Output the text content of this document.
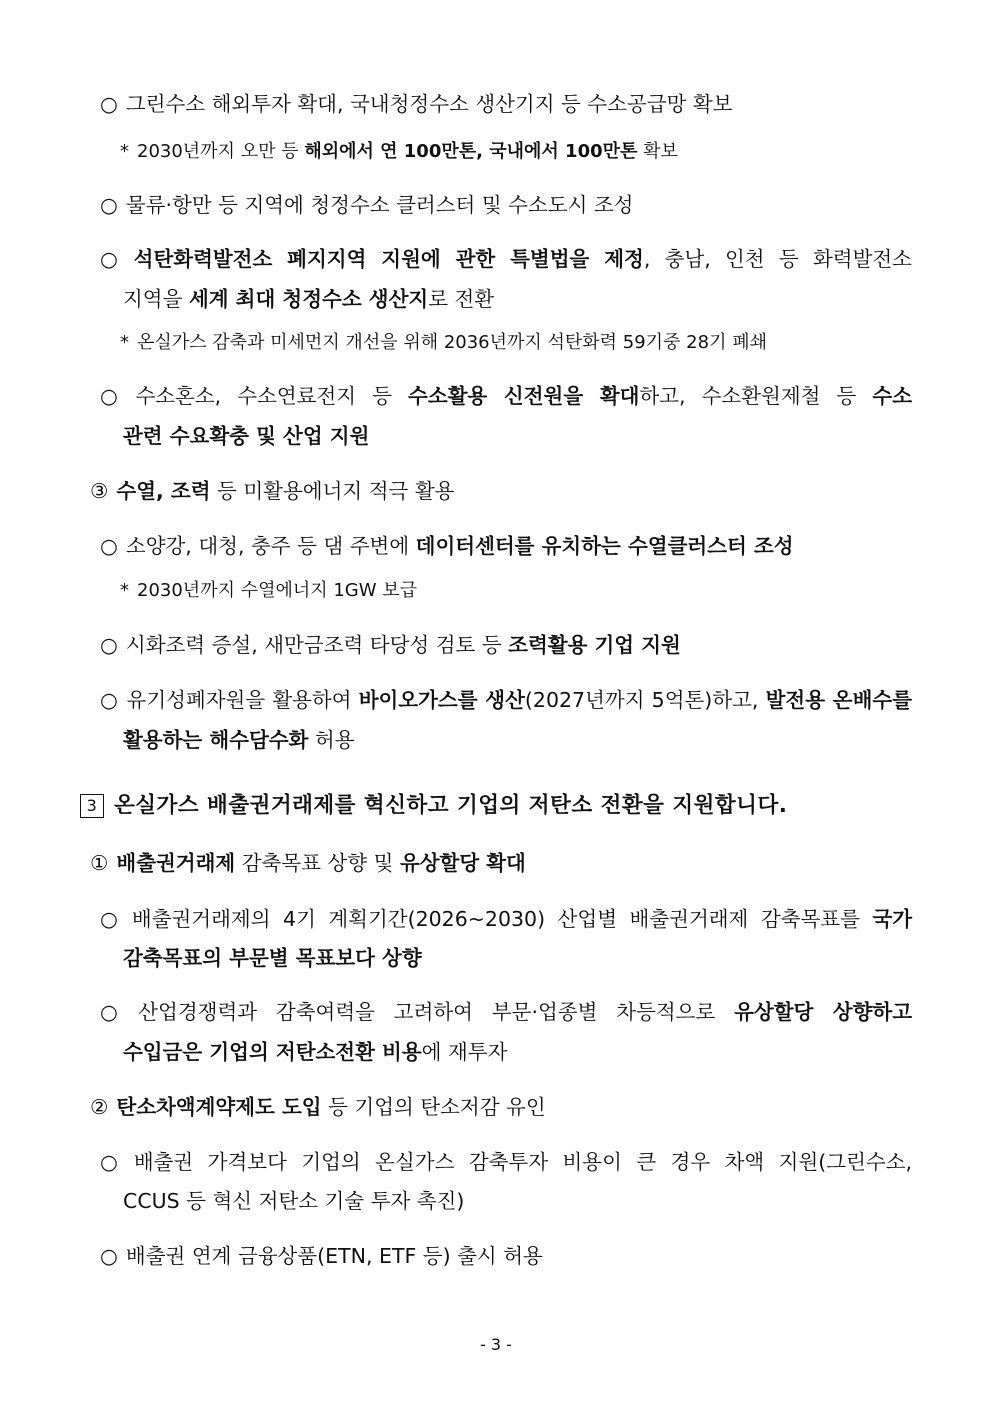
○ 그린수소 해외투자 확대, 국내청정수소 생산기지 등 수소공급망 확보
* 2030년까지 오만 등 해외에서 연 100만톤, 국내에서 100만톤 확보
○ 물류·항만 등 지역에 청정수소 클러스터 및 수소도시 조성
○ 석탄화력발전소 폐지지역 지원에 관한 특별법을 제정, 충남, 인천 등 화력발전소
지역을 세계 최대 청정수소 생산지로 전환
* 온실가스 감축과 미세먼지 개선을 위해 2036년까지 석탄화력 59기중 28기 폐쇄
○ 수소혼소, 수소연료전지 등 수소활용 신전원을 확대하고, 수소환원제철 등 수소
관련 수요확충 및 산업 지원
③ 수열, 조력 등 미활용에너지 적극 활용
○ 소양강, 대청, 충주 등 댐 주변에 데이터센터를 유치하는 수열클러스터 조성
* 2030년까지 수열에너지 1GW 보급
○ 시화조력 증설, 새만금조력 타당성 검토 등 조력활용 기업 지원
○ 유기성폐자원을 활용하여 바이오가스를 생산(2027년까지 5억톤)하고, 발전용 온배수를
활용하는 해수담수화 허용
3 온실가스 배출권거래제를 혁신하고 기업의 저탄소 전환을 지원합니다.
① 배출권거래제 감축목표 상향 및 유상할당 확대
○ 배출권거래제의 4기 계획기간(2026~2030) 산업별 배출권거래제 감축목표를 국가
감축목표의 부문별 목표보다 상향
○ 산업경쟁력과 감축여력을 고려하여 부문·업종별 차등적으로 유상할당 상향하고
수입금은 기업의 저탄소전환 비용에 재투자
② 탄소차액계약제도 도입 등 기업의 탄소저감 유인
○ 배출권 가격보다 기업의 온실가스 감축투자 비용이 큰 경우 차액 지원(그린수소,
CCUS 등 혁신 저탄소 기술 투자 촉진)
○ 배출권 연계 금융상품(ETN, ETF 등) 출시 허용
- 3 -
